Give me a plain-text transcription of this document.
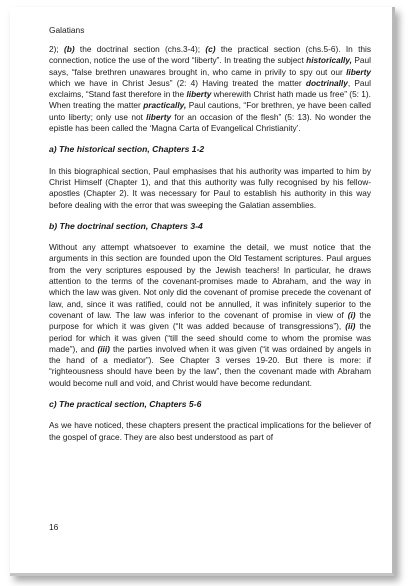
Galatians

2); (b) the doctrinal section (chs.3-4); (c) the practical section (chs.5-6). In this connection, notice the use of the word “liberty”. In treating the subject historically, Paul says, “false brethren unawares brought in, who came in privily to spy out our liberty which we have in Christ Jesus” (2: 4) Having treated the matter doctrinally, Paul exclaims, “Stand fast therefore in the liberty wherewith Christ hath made us free” (5: 1). When treating the matter practically, Paul cautions, “For brethren, ye have been called unto liberty; only use not liberty for an occasion of the flesh” (5: 13). No wonder the epistle has been called the ‘Magna Carta of Evangelical Christianity’.

a) The historical section, Chapters 1-2

In this biographical section, Paul emphasises that his authority was imparted to him by Christ Himself (Chapter 1), and that this authority was fully recognised by his fellow-apostles (Chapter 2). It was necessary for Paul to establish his authority in this way before dealing with the error that was sweeping the Galatian assemblies.

b) The doctrinal section, Chapters 3-4

Without any attempt whatsoever to examine the detail, we must notice that the arguments in this section are founded upon the Old Testament scriptures. Paul argues from the very scriptures espoused by the Jewish teachers! In particular, he draws attention to the terms of the covenant-promises made to Abraham, and the way in which the law was given. Not only did the covenant of promise precede the covenant of law, and, since it was ratified, could not be annulled, it was infinitely superior to the covenant of law. The law was inferior to the covenant of promise in view of (i) the purpose for which it was given (“It was added because of transgressions”), (ii) the period for which it was given (“till the seed should come to whom the promise was made”), and (iii) the parties involved when it was given (“it was ordained by angels in the hand of a mediator”). See Chapter 3 verses 19-20. But there is more: if “righteousness should have been by the law”, then the covenant made with Abraham would become null and void, and Christ would have become redundant.

c) The practical section, Chapters 5-6

As we have noticed, these chapters present the practical implications for the believer of the gospel of grace. They are also best understood as part of

16
